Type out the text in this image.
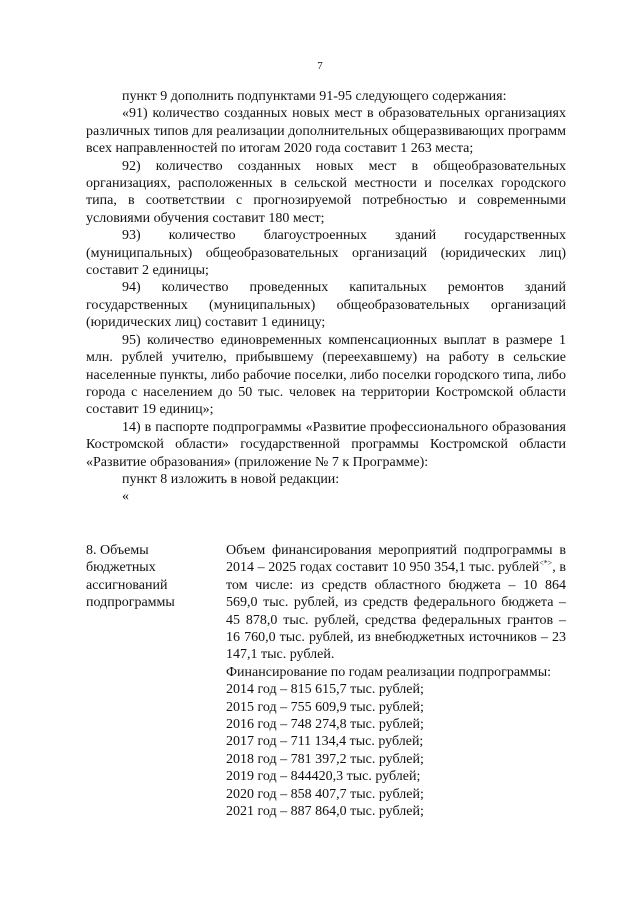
7

пункт 9 дополнить подпунктами 91-95 следующего содержания:

«91) количество созданных новых мест в образовательных организациях различных типов для реализации дополнительных общеразвивающих программ всех направленностей по итогам 2020 года составит 1 263 места;

92) количество созданных новых мест в общеобразовательных организациях, расположенных в сельской местности и поселках городского типа, в соответствии с прогнозируемой потребностью и современными условиями обучения составит 180 мест;

93) количество благоустроенных зданий государственных (муниципальных) общеобразовательных организаций (юридических лиц) составит 2 единицы;

94) количество проведенных капитальных ремонтов зданий государственных (муниципальных) общеобразовательных организаций (юридических лиц) составит 1 единицу;

95) количество единовременных компенсационных выплат в размере 1 млн. рублей учителю, прибывшему (переехавшему) на работу в сельские населенные пункты, либо рабочие поселки, либо поселки городского типа, либо города с населением до 50 тыс. человек на территории Костромской области составит 19 единиц»;

14) в паспорте подпрограммы «Развитие профессионального образования Костромской области» государственной программы Костромской области «Развитие образования» (приложение № 7 к Программе):

пункт 8 изложить в новой редакции:

«

8. Объемы
бюджетных
ассигнований
подпрограммы

Объем финансирования мероприятий подпрограммы в 2014 – 2025 годах составит 10 950 354,1 тыс. рублей<*>, в том числе: из средств областного бюджета – 10 864 569,0 тыс. рублей, из средств федерального бюджета – 45 878,0 тыс. рублей, средства федеральных грантов – 16 760,0 тыс. рублей, из внебюджетных источников – 23 147,1 тыс. рублей.

Финансирование по годам реализации подпрограммы:

2014 год – 815 615,7 тыс. рублей;
2015 год – 755 609,9 тыс. рублей;
2016 год – 748 274,8 тыс. рублей;
2017 год – 711 134,4 тыс. рублей;
2018 год – 781 397,2 тыс. рублей;
2019 год – 844420,3 тыс. рублей;
2020 год – 858 407,7 тыс. рублей;
2021 год – 887 864,0 тыс. рублей;
